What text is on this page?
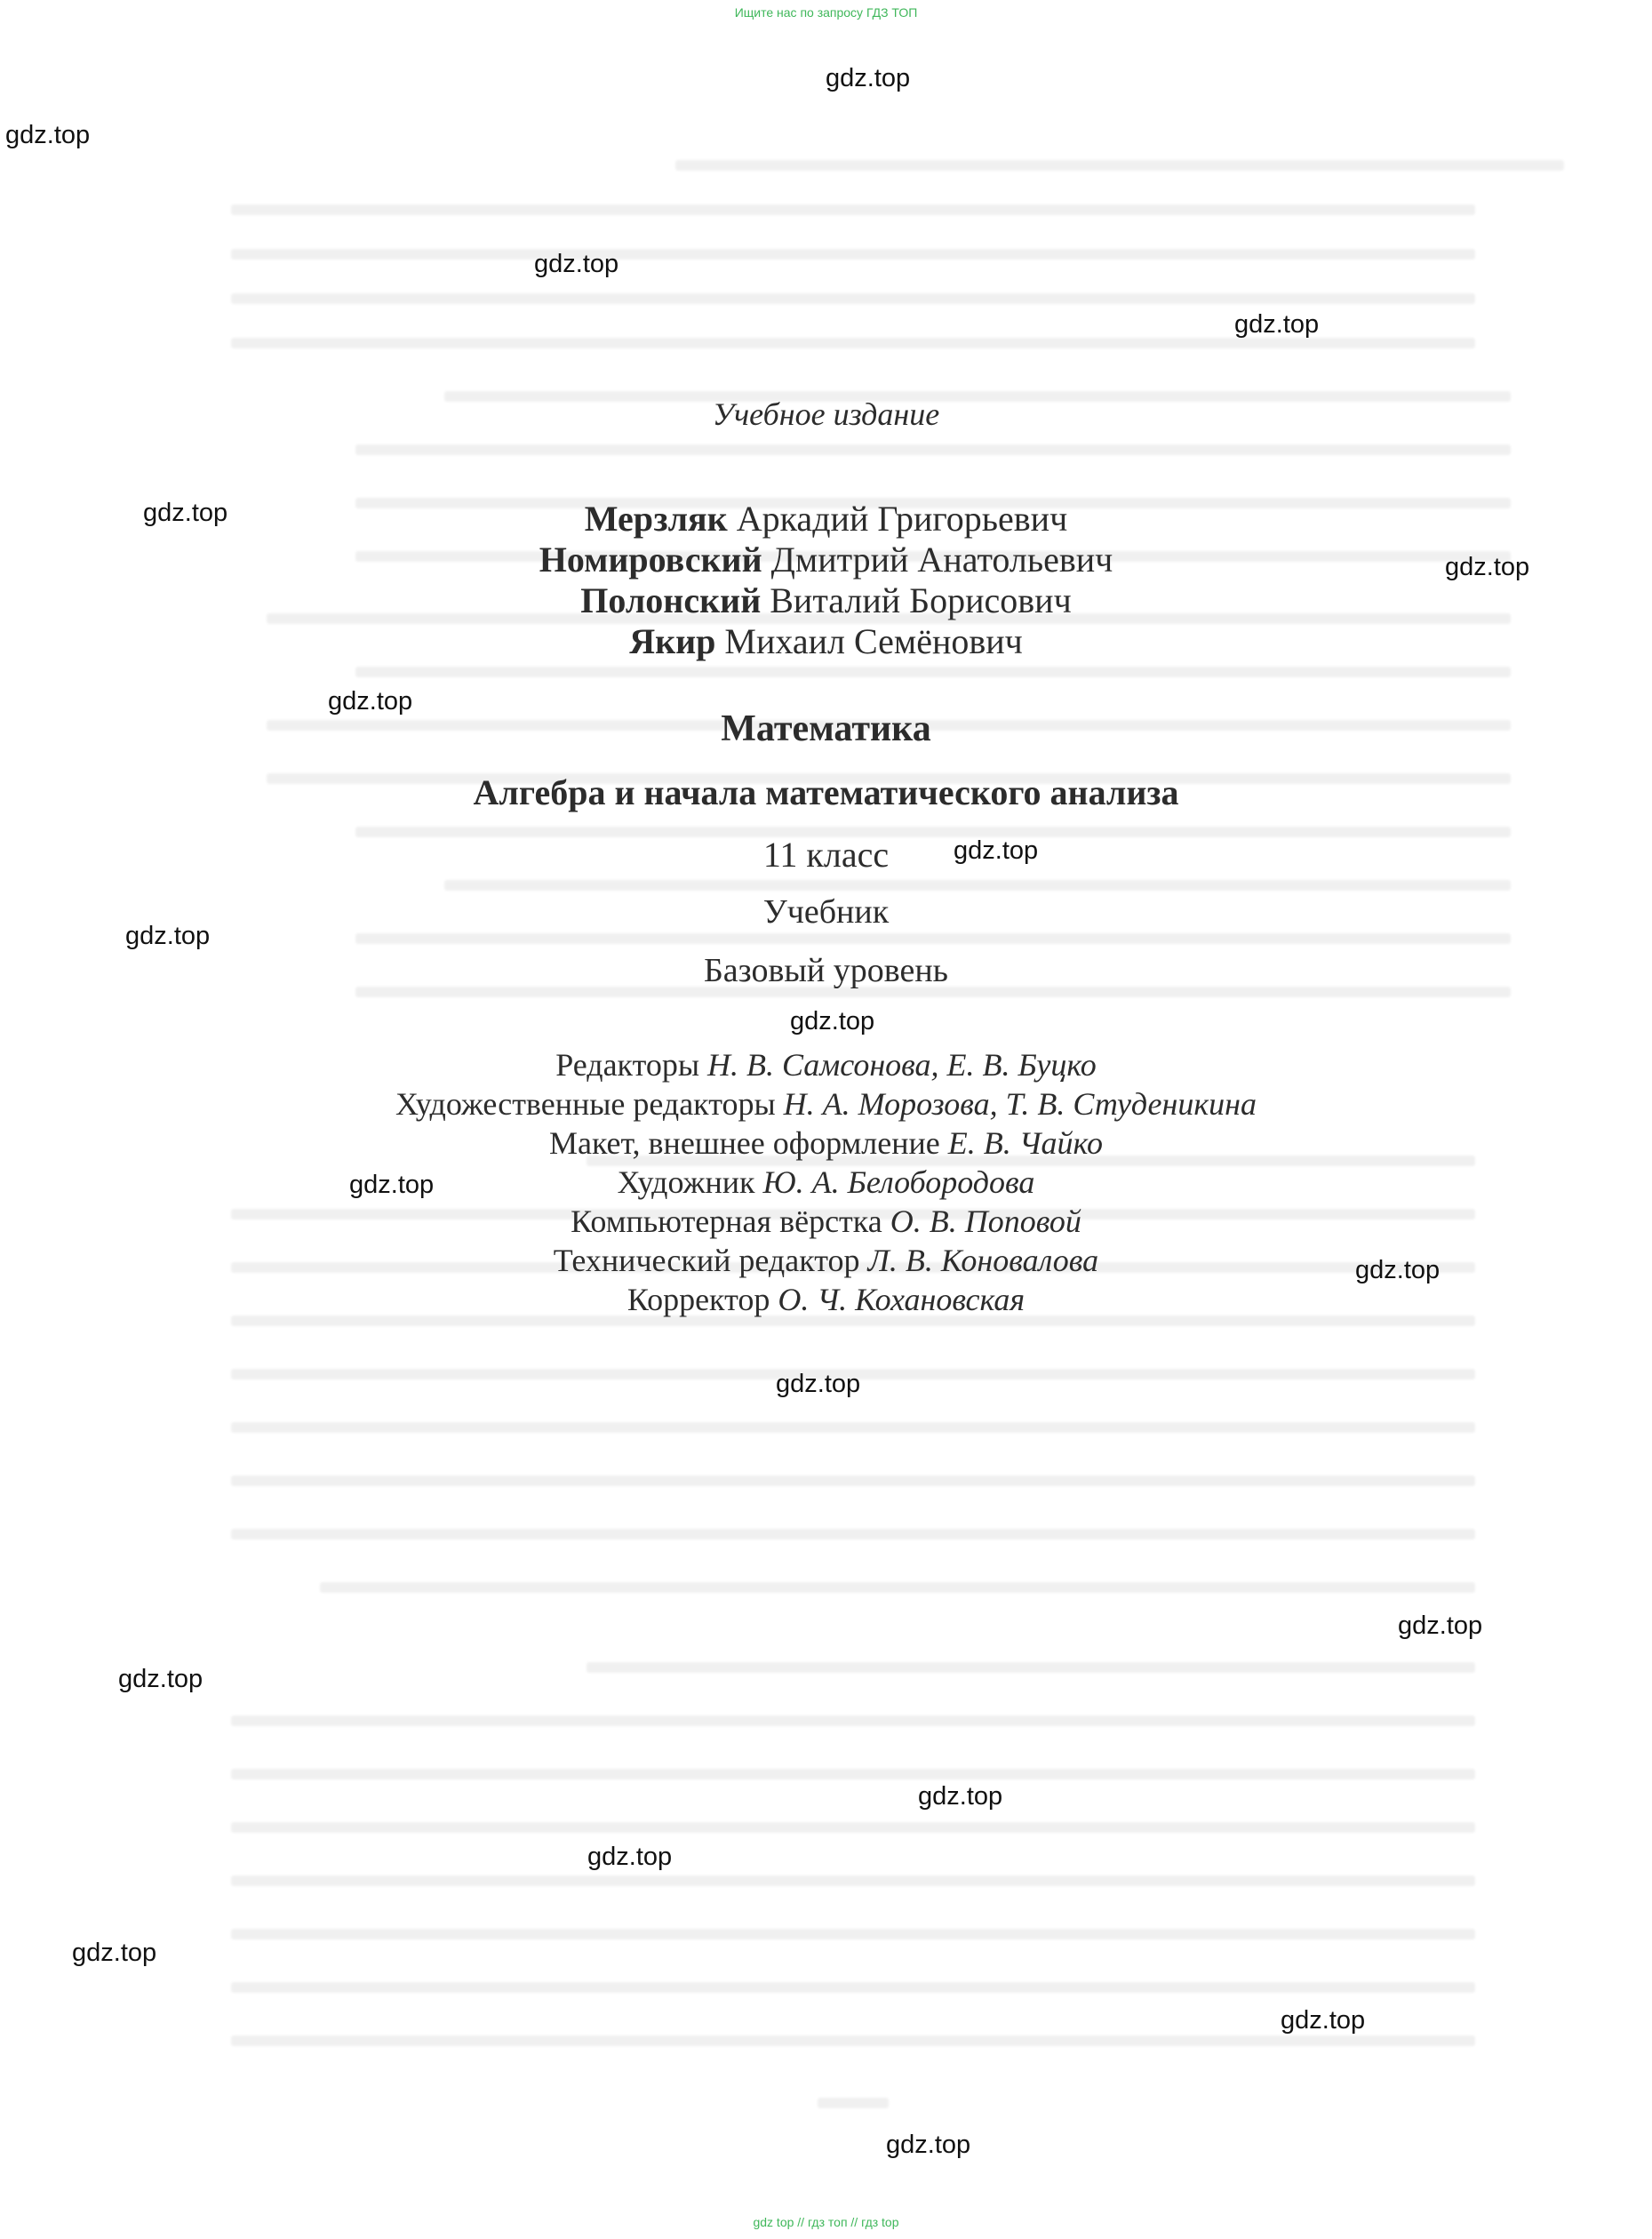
Ищите нас по запросу ГДЗ ТОП
Учебное издание
Мерзляк Аркадий Григорьевич
Номировский Дмитрий Анатольевич
Полонский Виталий Борисович
Якир Михаил Семёнович
Математика
Алгебра и начала математического анализа
11 класс
Учебник
Базовый уровень
Редакторы Н. В. Самсонова, Е. В. Буцко
Художественные редакторы Н. А. Морозова, Т. В. Студеникина
Макет, внешнее оформление Е. В. Чайко
Художник Ю. А. Белобородова
Компьютерная вёрстка О. В. Поповой
Технический редактор Л. В. Коновалова
Корректор О. Ч. Кохановская
gdz.top
gdz.top
gdz.top
gdz.top
gdz.top
gdz.top
gdz.top
gdz.top
gdz.top
gdz.top
gdz.top
gdz.top
gdz.top
gdz.top
gdz.top
gdz.top
gdz.top
gdz.top
gdz.top
gdz.top
gdz top // гдз топ // гдз top
